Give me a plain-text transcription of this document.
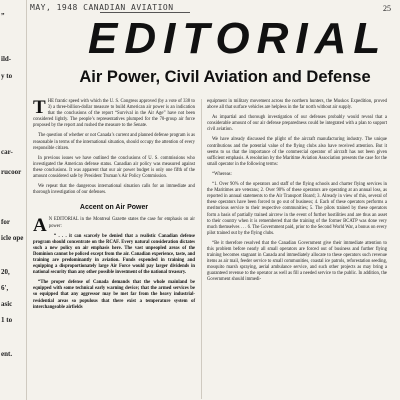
”
ild-
y to
car-
rucoor
for
icle ope
20,
6',
asic
1 to
ent.
MAY, 1948 CANADIAN AVIATION	25
EDITORIAL
Air Power, Civil Aviation and Defense

THE frantic speed with which the U. S. Congress approved (by a vote of 338 to 3) a three-billion-dollar measure to build American air power is an indication that the conclusions of the report “Survival in the Air Age” have not been considered lightly. The people’s representatives plumped for the 70-group air force proposed by the report and rushed the measure to the Senate.

The question of whether or not Canada’s current and planned defense program is as reasonable in terms of the international situation, should occupy the attention of every responsible citizen.

In previous issues we have outlined the conclusions of U. S. commissions who investigated the American defense status. Canadian air policy was measured against these conclusions. It was apparent that our air power budget is only one fifth of the amount considered safe by President Truman’s Air Policy Commission.

We repeat that the dangerous international situation calls for an immediate and thorough investigation of our defenses.

Accent on Air Power

A N EDITORIAL in the Montreal Gazette states the case for emphasis on air power:

“ . . . it can scarcely be denied that a realistic Canadian defense program should concentrate on the RCAF. Every natural consideration dictates such a new policy on air emphasis here. The vast unpeopled areas of the Dominion cannot be policed except from the air. Canadian experience, taste, and training are predominantly in aviation. Funds expended in training and equipping a disproportionately large Air Force would pay larger dividends in national security than any other possible investment of the national treasury.

“The proper defense of Canada demands that the whole mainland be equipped with some technical early warning device; that the armed services be so equipped that any aggressor may be met far from the heavy industrial-residential areas so populous that there exist a temperature system of interchangeable airfields

equipment in military movement across the northern hunters, the Muskox Expedition, proved above all that surface vehicles are helpless in the far north without air supply.

As impartial and thorough investigation of our defenses probably would reveal that a considerable amount of our air defense preparedness could be integrated with a plan to support civil aviation.

We have already discussed the plight of the aircraft manufacturing industry. The unique contributions and the potential value of the flying clubs also have received attention. But it seems to us that the importance of the commercial operator of aircraft has not been given sufficient emphasis. A resolution by the Maritime Aviation Association presents the case for the small operator in the following terms:

“Whereas:

“1. Over 90% of the operators and staff of the flying schools and charter flying services in the Maritimes are veterans; 2. Over 90% of these operators are operating at an annual loss, as reported in annual statements to the Air Transport Board; 3. Already in view of this, several of these operators have been forced to go out of business; 4. Each of these operators performs a meritorious service to their respective communities; 5. The pilots trained by these operators form a basis of partially trained aircrew in the event of further hostilities and are thus an asset to their country when it is remembered that the training of the former BCATP was done very much themselves . . . 6. The Government paid, prior to the Second World War, a bonus on every pilot trained out by the flying clubs.

“Be it therefore resolved that the Canadian Government give their immediate attention to this problem before nearly all small operators are forced out of business and further flying training becomes stagnant in Canada and immediately allocate to these operators such revenue items as air mail, feeder service to small communities, coastal ice patrols, reforestation seeding, mosquito marsh spraying, aerial ambulance service, and such other projects as may bring a guaranteed revenue to the operator as well as fill a needed service to the public. In addition, the Government should immedi-
